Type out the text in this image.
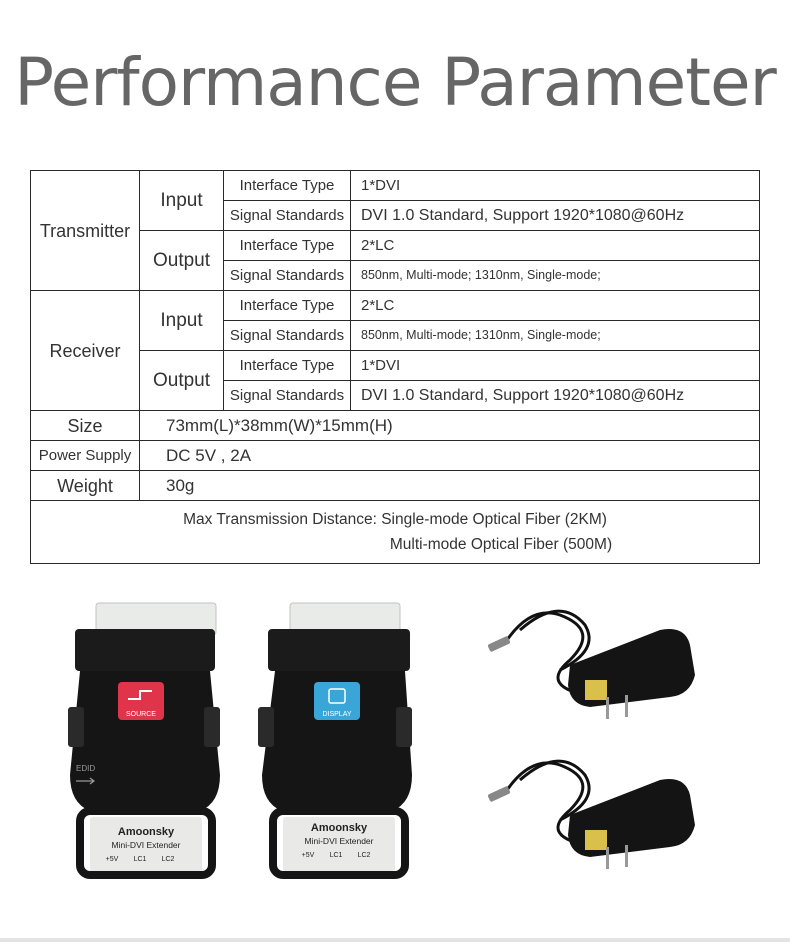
Performance Parameter
Transmitter	Input	Interface Type	1*DVI
		Signal Standards	DVI 1.0 Standard, Support 1920*1080@60Hz
	Output	Interface Type	2*LC
		Signal Standards	850nm, Multi-mode; 1310nm, Single-mode;
Receiver	Input	Interface Type	2*LC
		Signal Standards	850nm, Multi-mode; 1310nm, Single-mode;
	Output	Interface Type	1*DVI
		Signal Standards	DVI 1.0 Standard, Support 1920*1080@60Hz
Size	73mm(L)*38mm(W)*15mm(H)		
Power Supply	DC 5V , 2A		
Weight	30g		

Max Transmission Distance: Single-mode Optical Fiber (2KM)
Multi-mode Optical Fiber (500M)			
SOURCE
EDID
Amoonsky
Mini-DVI Extender
+5V LC1 LC2
DISPLAY
Amoonsky
Mini-DVI Extender
+5V LC1 LC2
